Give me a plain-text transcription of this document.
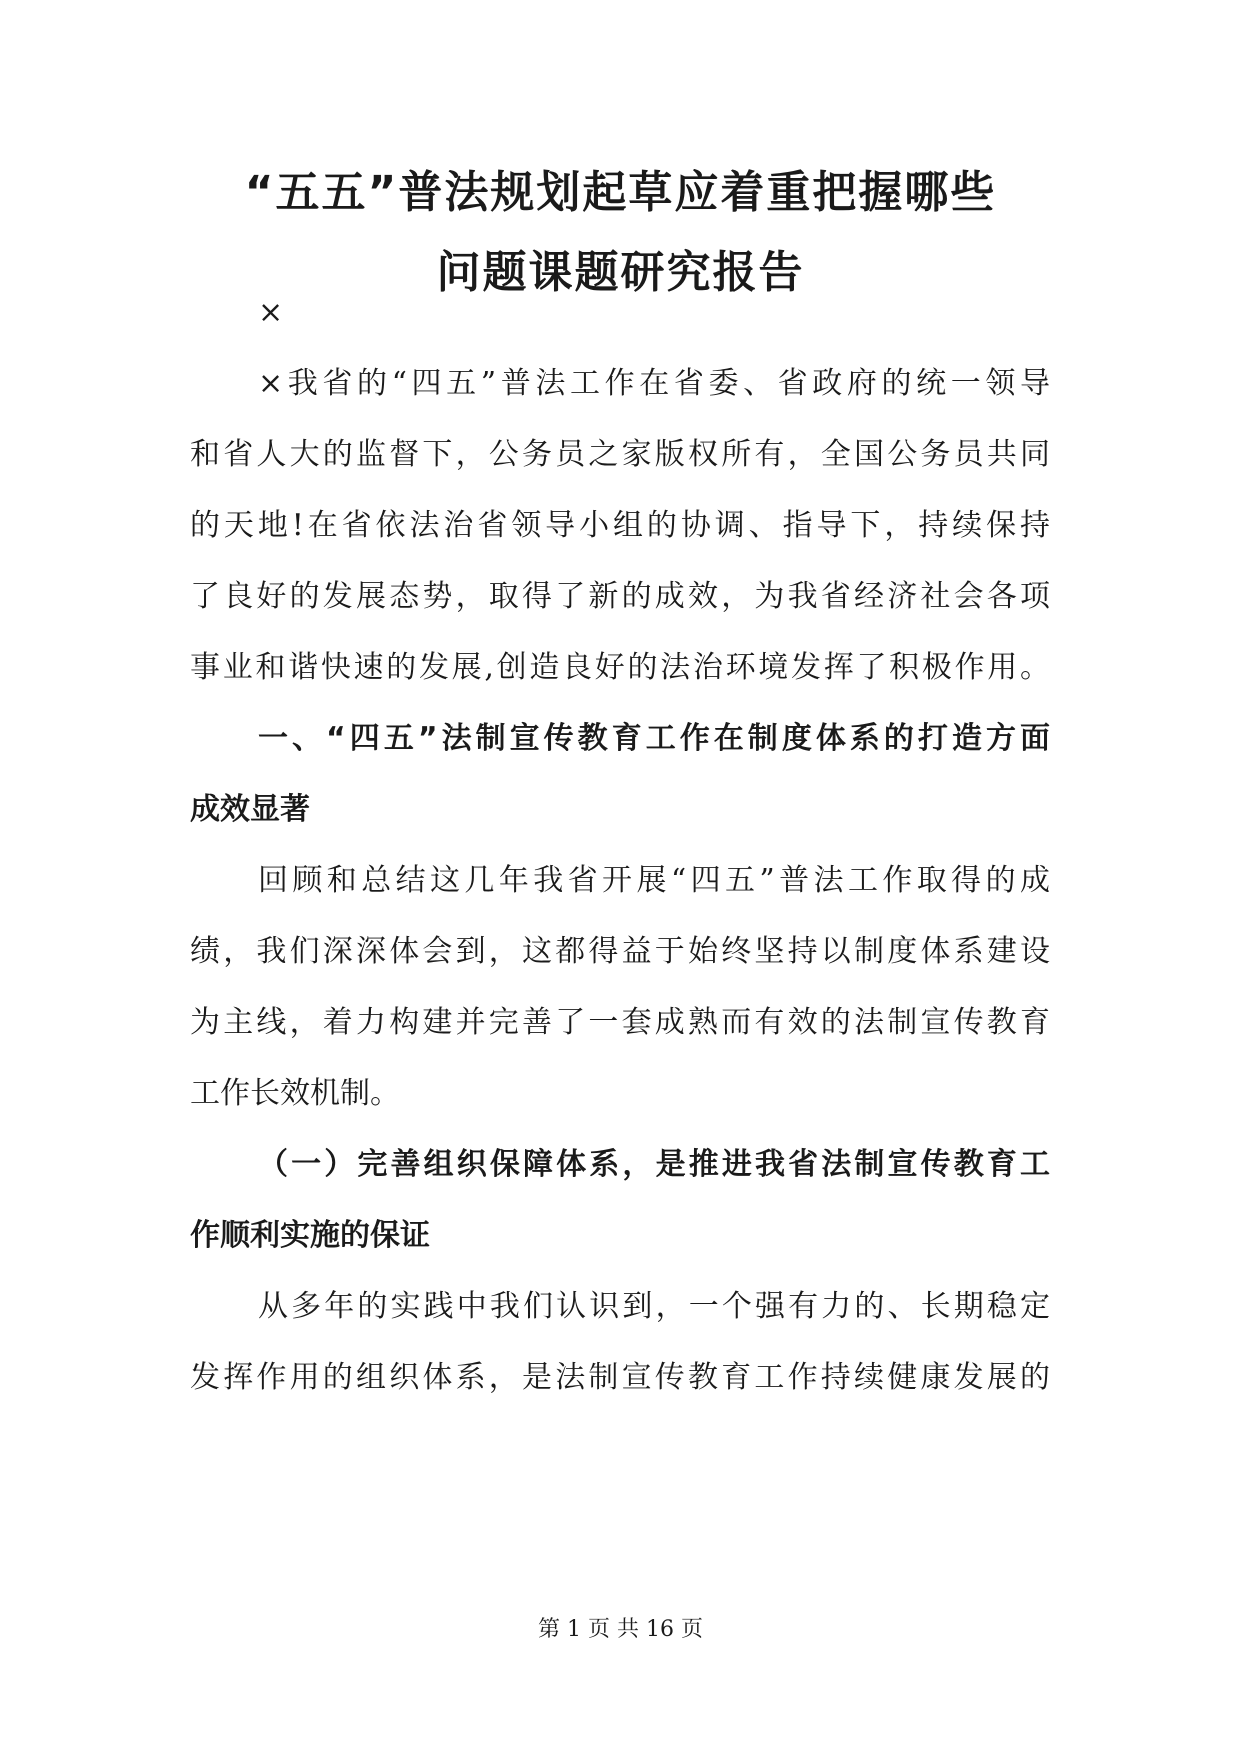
“五五”普法规划起草应着重把握哪些
问题课题研究报告

×

×我省的“四五”普法工作在省委、省政府的统一领导

和省人大的监督下，公务员之家版权所有，全国公务员共同

的天地!在省依法治省领导小组的协调、指导下，持续保持

了良好的发展态势，取得了新的成效，为我省经济社会各项

事业和谐快速的发展,创造良好的法治环境发挥了积极作用。

一、“四五”法制宣传教育工作在制度体系的打造方面

成效显著

回顾和总结这几年我省开展“四五”普法工作取得的成

绩，我们深深体会到，这都得益于始终坚持以制度体系建设

为主线，着力构建并完善了一套成熟而有效的法制宣传教育

工作长效机制。

（一）完善组织保障体系，是推进我省法制宣传教育工

作顺利实施的保证

从多年的实践中我们认识到，一个强有力的、长期稳定

发挥作用的组织体系，是法制宣传教育工作持续健康发展的

第 1 页 共 16 页
